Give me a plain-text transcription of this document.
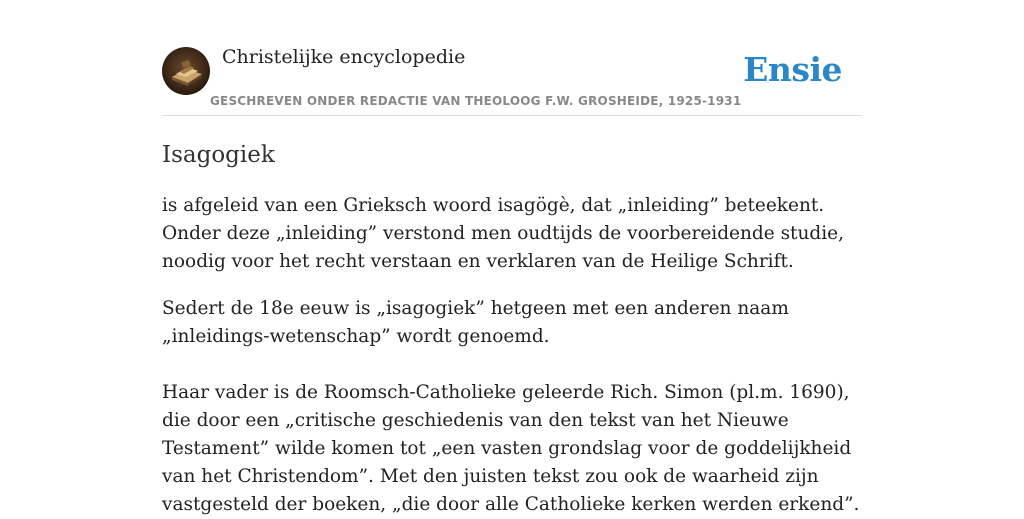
Christelijke encyclopedie
GESCHREVEN ONDER REDACTIE VAN THEOLOOG F.W. GROSHEIDE, 1925-1931
Ensie
Isagogiek

is afgeleid van een Grieksch woord isagögè, dat „inleiding” beteekent. Onder deze „inleiding” verstond men oudtijds de voorbereidende studie, noodig voor het recht verstaan en verklaren van de Heilige Schrift.

Sedert de 18e eeuw is „isagogiek” hetgeen met een anderen naam „inleidings-wetenschap” wordt genoemd.

Haar vader is de Roomsch-Catholieke geleerde Rich. Simon (pl.m. 1690), die door een „critische geschiedenis van den tekst van het Nieuwe Testament” wilde komen tot „een vasten grondslag voor de goddelijkheid van het Christendom”. Met den juisten tekst zou ook de waarheid zijn vastgesteld der boeken, „die door alle Catholieke kerken werden erkend”.
